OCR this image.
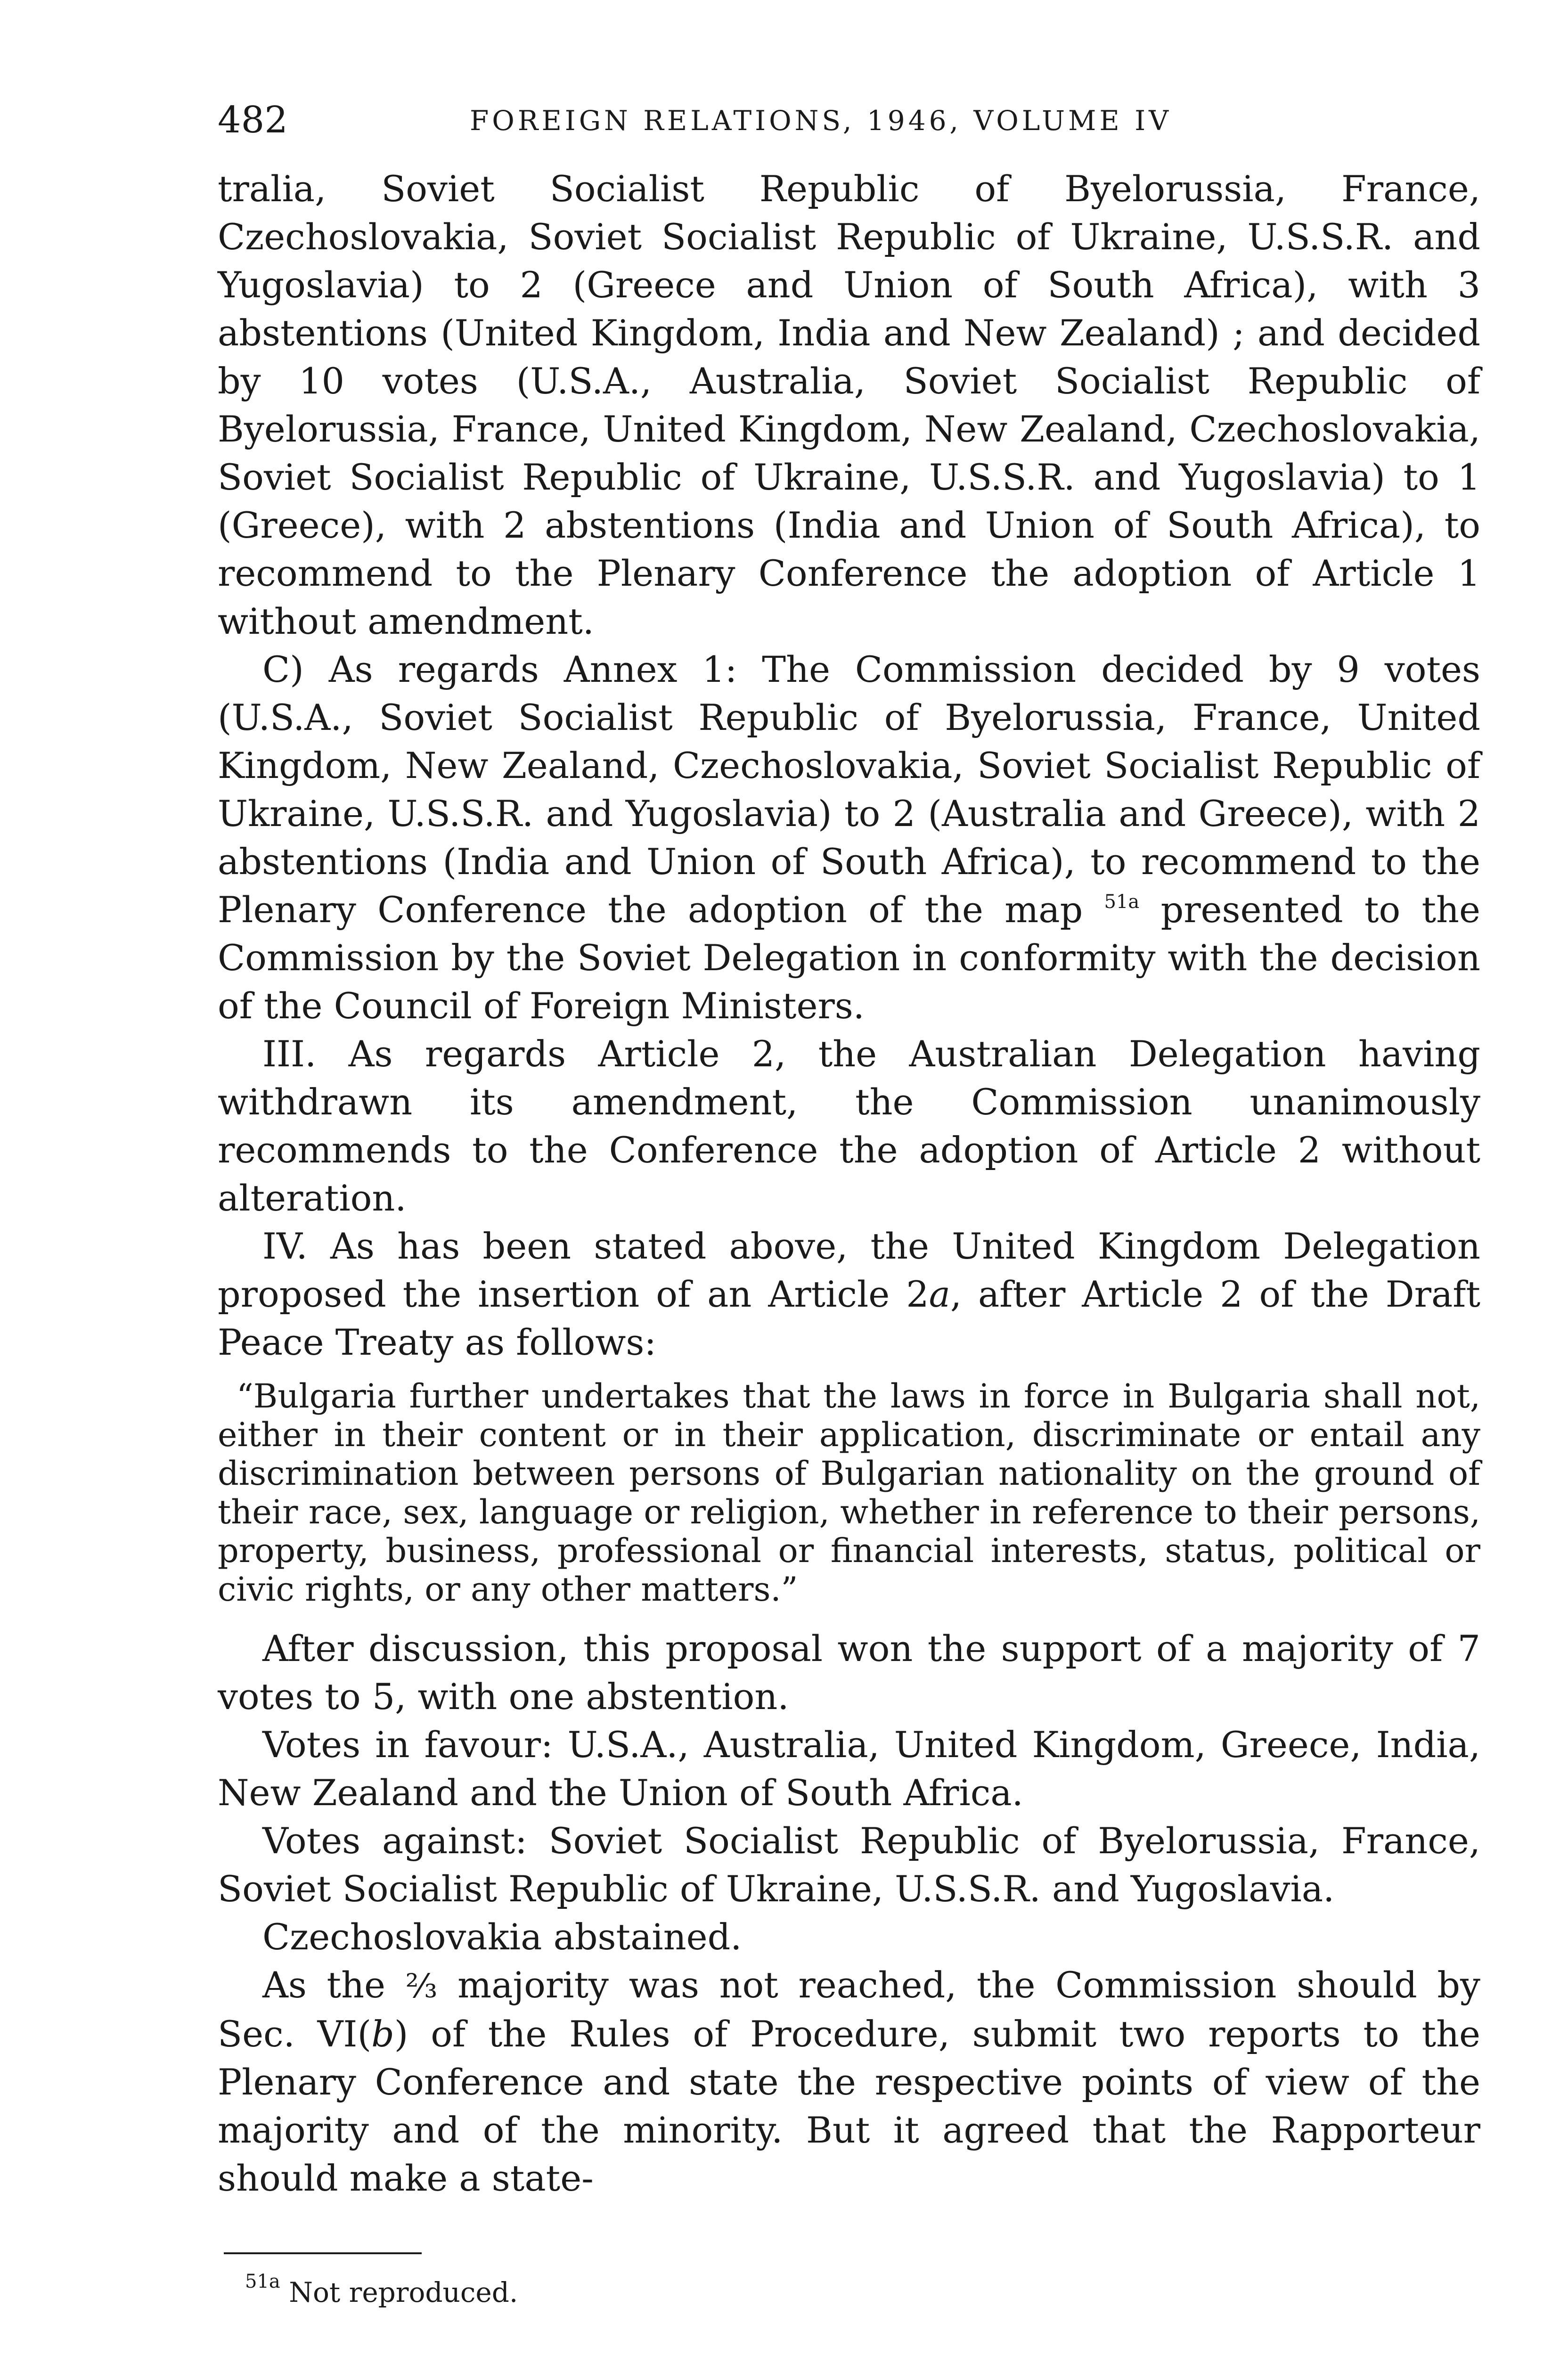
482	FOREIGN RELATIONS, 1946, VOLUME IV

tralia, Soviet Socialist Republic of Byelorussia, France, Czechoslovakia, Soviet Socialist Republic of Ukraine, U.S.S.R. and Yugoslavia) to 2 (Greece and Union of South Africa), with 3 abstentions (United Kingdom, India and New Zealand) ; and decided by 10 votes (U.S.A., Australia, Soviet Socialist Republic of Byelorussia, France, United Kingdom, New Zealand, Czechoslovakia, Soviet Socialist Republic of Ukraine, U.S.S.R. and Yugoslavia) to 1 (Greece), with 2 abstentions (India and Union of South Africa), to recommend to the Plenary Conference the adoption of Article 1 without amendment.

C) As regards Annex 1: The Commission decided by 9 votes (U.S.A., Soviet Socialist Republic of Byelorussia, France, United Kingdom, New Zealand, Czechoslovakia, Soviet Socialist Republic of Ukraine, U.S.S.R. and Yugoslavia) to 2 (Australia and Greece), with 2 abstentions (India and Union of South Africa), to recommend to the Plenary Conference the adoption of the map $^{51a}$ presented to the Commission by the Soviet Delegation in conformity with the decision of the Council of Foreign Ministers.

III. As regards Article 2, the Australian Delegation having withdrawn its amendment, the Commission unanimously recommends to the Conference the adoption of Article 2 without alteration.

IV. As has been stated above, the United Kingdom Delegation proposed the insertion of an Article 2a, after Article 2 of the Draft Peace Treaty as follows:

“Bulgaria further undertakes that the laws in force in Bulgaria shall not, either in their content or in their application, discriminate or entail any discrimination between persons of Bulgarian nationality on the ground of their race, sex, language or religion, whether in reference to their persons, property, business, professional or financial interests, status, political or civic rights, or any other matters.”

After discussion, this proposal won the support of a majority of 7 votes to 5, with one abstention.

Votes in favour: U.S.A., Australia, United Kingdom, Greece, India, New Zealand and the Union of South Africa.

Votes against: Soviet Socialist Republic of Byelorussia, France, Soviet Socialist Republic of Ukraine, U.S.S.R. and Yugoslavia.

Czechoslovakia abstained.

As the ⅔ majority was not reached, the Commission should by Sec. VI(b) of the Rules of Procedure, submit two reports to the Plenary Conference and state the respective points of view of the majority and of the minority. But it agreed that the Rapporteur should make a state-

$^{51a}$ Not reproduced.
